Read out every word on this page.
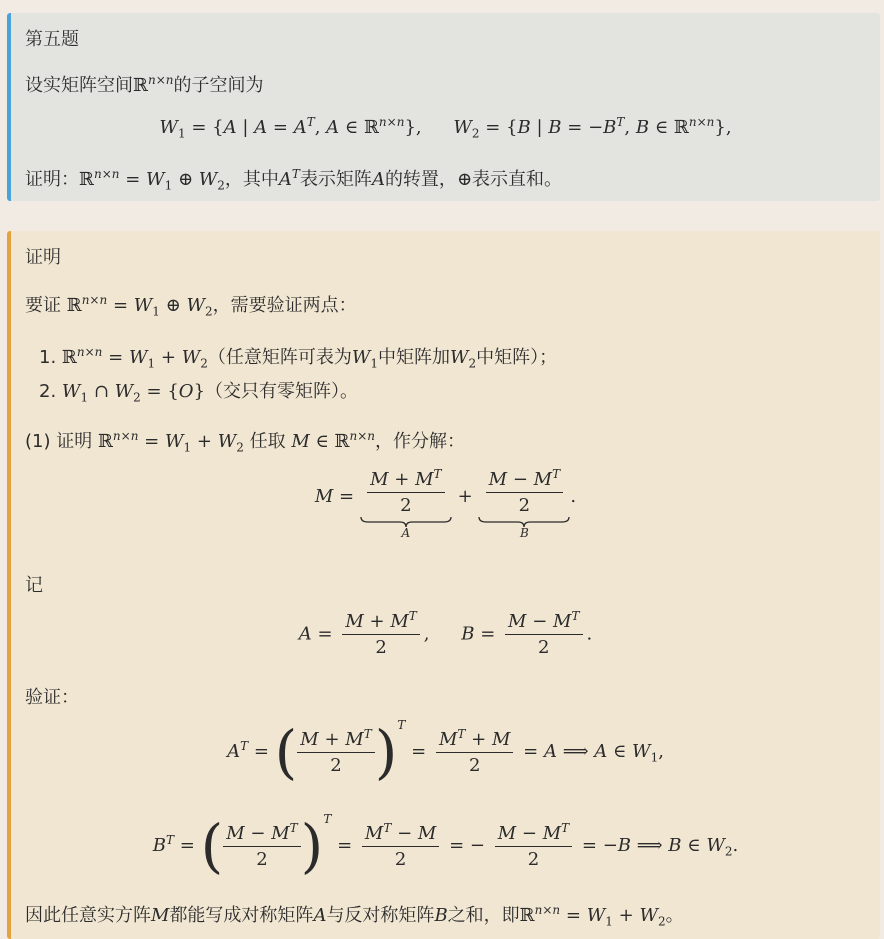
第五题
设实矩阵空间ℝ$^{n\times n}$的子空间为
$W_1 = \{A$ | $A = A^T$, A ∈ ℝ$^{n\times n}$}, $W_2 = \{B$ | $B = -B^T$, B ∈ ℝ$^{n\times n}$},
证明：ℝ$^{n\times n}$ = $W_1$ ⊕ $W_2$，其中$A^T$表示矩阵A的转置，⊕表示直和。
证明
要证 ℝ$^{n\times n}$ = $W_1$ ⊕ $W_2$，需要验证两点：
1. ℝ$^{n\times n}$ = $W_1 + W_2$（任意矩阵可表为$W_1$中矩阵加$W_2$中矩阵）；
2. $W_1$ ∩ $W_2 = \{O\}$（交只有零矩阵）。
(1) 证明 ℝ$^{n\times n}$ = $W_1 + W_2$ 任取 M ∈ ℝ$^{n\times n}$，作分解：
$M = \frac{M + M^T}{2}$
A
+ $\frac{M - M^T}{2}$
B
.
记
$A = \frac{M + M^T}{2}$ , $B = \frac{M - M^T}{2}$ .
验证：
$A^T$ = ( $\frac{M + M^T}{2} )^T = \frac{M^T + M}{2} = A$ ⟹ A ∈ $W_1$,
$B^T$ = ( $\frac{M - M^T}{2} )^T = \frac{M^T - M}{2}$ = − $\frac{M - M^T}{2} = -B$ ⟹ B ∈ $W_2$.
因此任意实方阵M都能写成对称矩阵A与反对称矩阵B之和，即ℝ$^{n\times n}$ = $W_1 + W_2$。
